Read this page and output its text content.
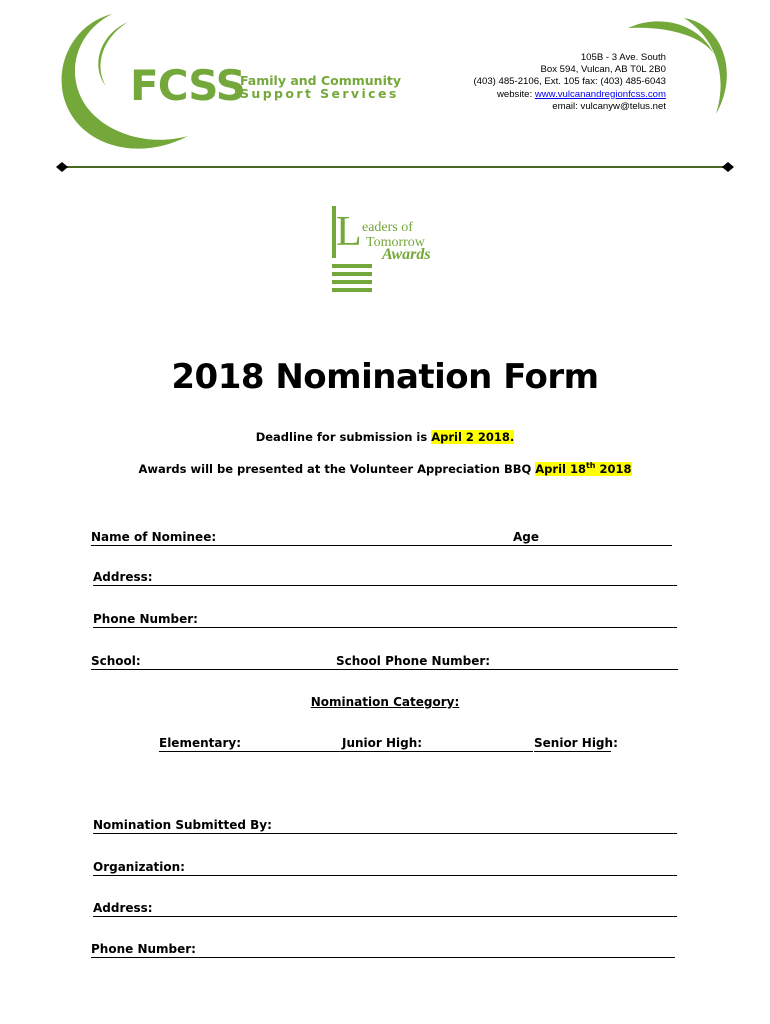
FCSS
Family and Community
Support Services
105B - 3 Ave. South
Box 594, Vulcan, AB T0L 2B0
(403) 485-2106, Ext. 105 fax: (403) 485-6043
website: www.vulcanandregionfcss.com
email: vulcanyw@telus.net
L eaders of
Tomorrow
Awards
2018 Nomination Form
Deadline for submission is April 2 2018.
Awards will be presented at the Volunteer Appreciation BBQ April 18th 2018
Name of Nominee:	Age
Address:
Phone Number:
School:	School Phone Number:
Nomination Category:
Elementary:	Junior High:	Senior High:
Nomination Submitted By:
Organization:
Address:
Phone Number:
